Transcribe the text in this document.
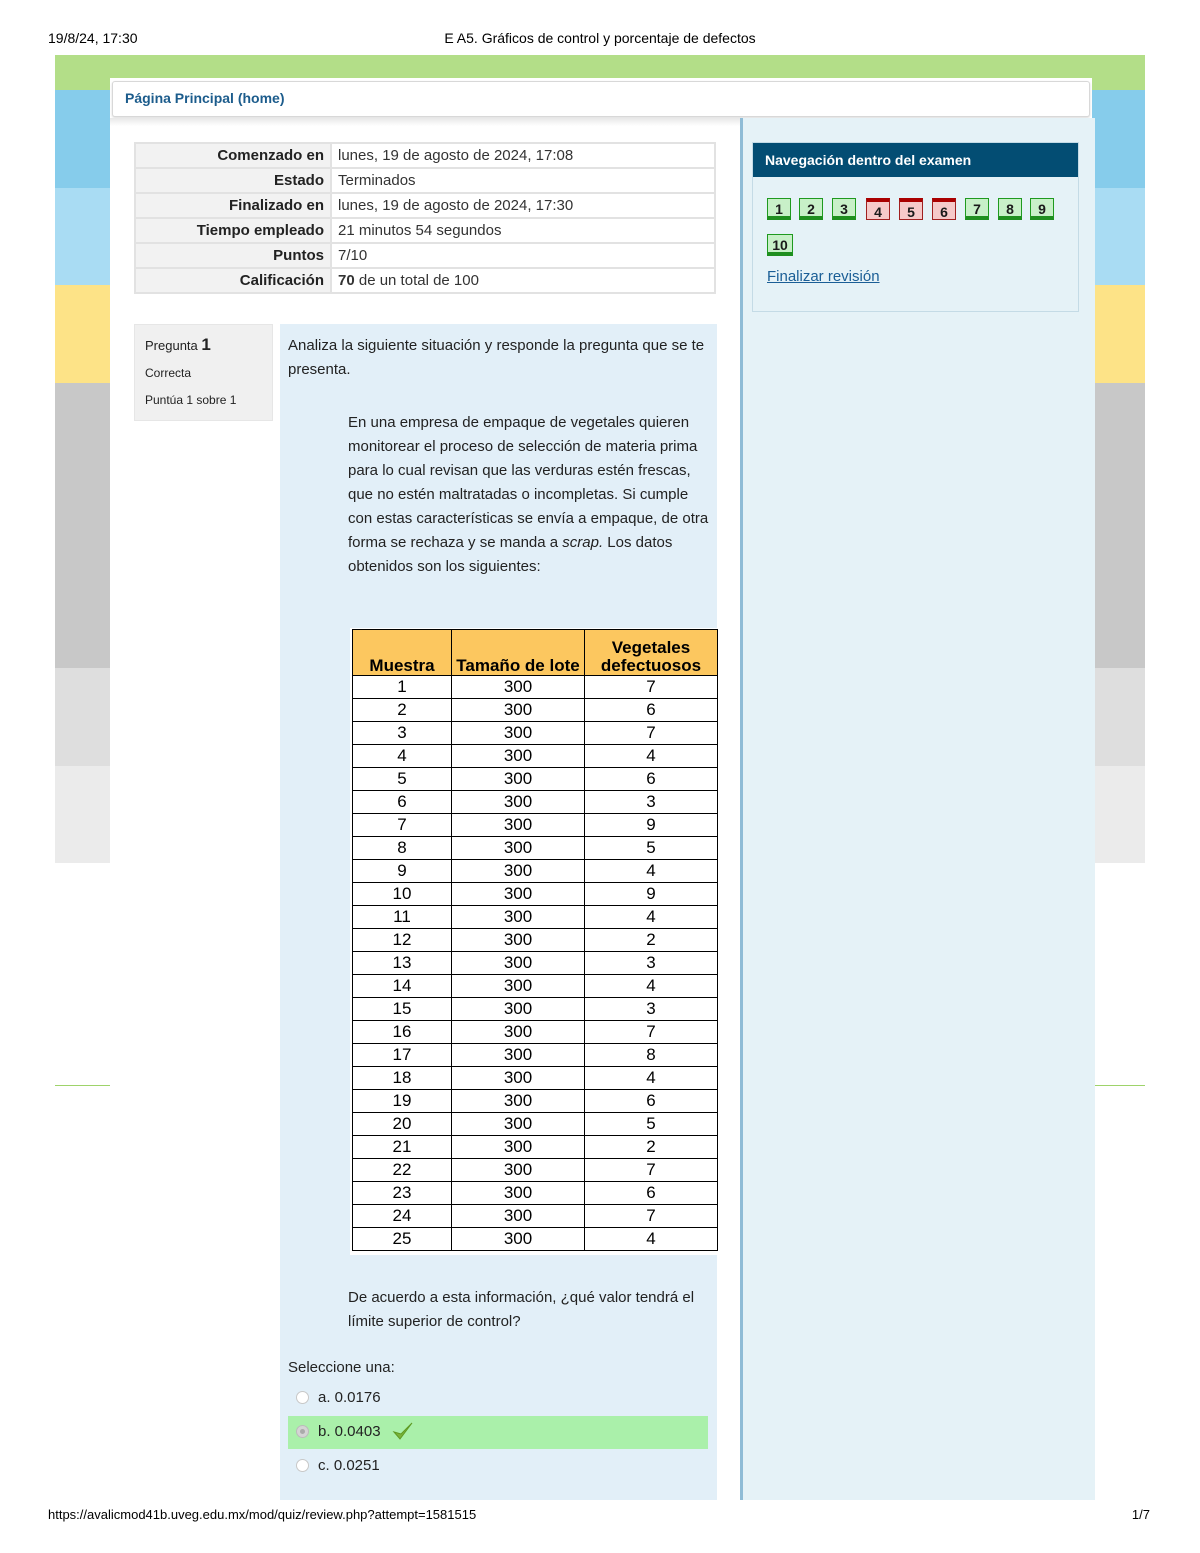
19/8/24, 17:30	E A5. Gráficos de control y porcentaje de defectos
Página Principal (home)
Navegación dentro del examen
1	2	3	4	5	6	7	8	9
10
Finalizar revisión
Comenzado en	lunes, 19 de agosto de 2024, 17:08
Estado	Terminados
Finalizado en	lunes, 19 de agosto de 2024, 17:30
Tiempo empleado	21 minutos 54 segundos
Puntos	7/10
Calificación	70 de un total de 100
Pregunta 1
Correcta
Puntúa 1 sobre 1
Analiza la siguiente situación y responde la pregunta que se te presenta.
En una empresa de empaque de vegetales quieren monitorear el proceso de selección de materia prima para lo cual revisan que las verduras estén frescas, que no estén maltratadas o incompletas. Si cumple con estas características se envía a empaque, de otra forma se rechaza y se manda a scrap. Los datos obtenidos son los siguientes:
Muestra	Tamaño de lote	Vegetales defectuosos
1	300	7
2	300	6
3	300	7
4	300	4
5	300	6
6	300	3
7	300	9
8	300	5
9	300	4
10	300	9
11	300	4
12	300	2
13	300	3
14	300	4
15	300	3
16	300	7
17	300	8
18	300	4
19	300	6
20	300	5
21	300	2
22	300	7
23	300	6
24	300	7
25	300	4
De acuerdo a esta información, ¿qué valor tendrá el límite superior de control?
Seleccione una:
a. 0.0176
b. 0.0403
c. 0.0251
https://avalicmod41b.uveg.edu.mx/mod/quiz/review.php?attempt=1581515	1/7
